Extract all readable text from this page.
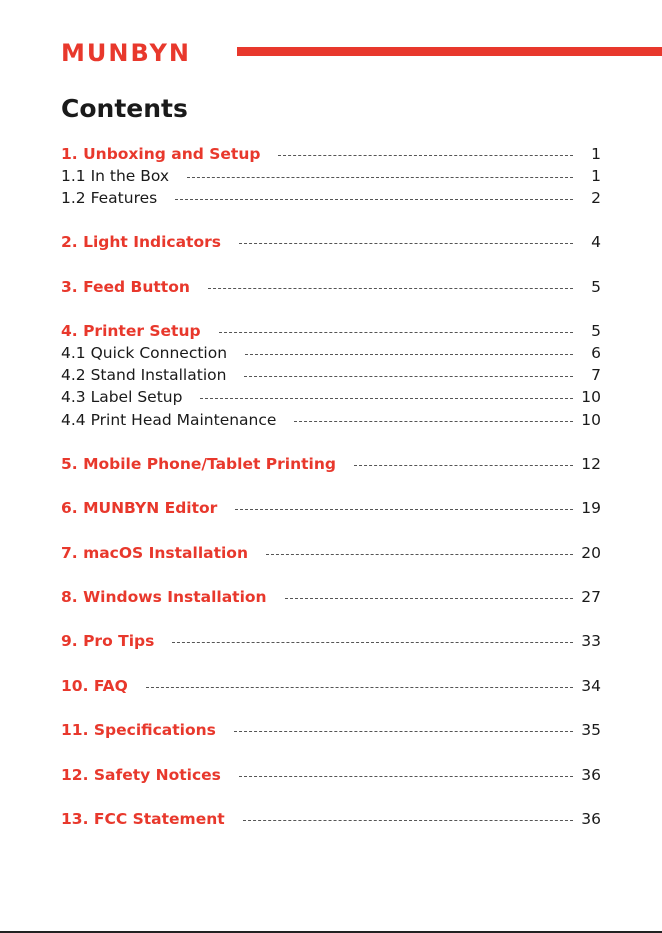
MUNBYN
Contents
1. Unboxing and Setup	1
1.1 In the Box	1
1.2 Features	2
2. Light Indicators	4
3. Feed Button	5
4. Printer Setup	5
4.1 Quick Connection	6
4.2 Stand Installation	7
4.3 Label Setup	10
4.4 Print Head Maintenance	10
5. Mobile Phone/Tablet Printing	12
6. MUNBYN Editor	19
7. macOS Installation	20
8. Windows Installation	27
9. Pro Tips	33
10. FAQ	34
11. Specifications	35
12. Safety Notices	36
13. FCC Statement	36
